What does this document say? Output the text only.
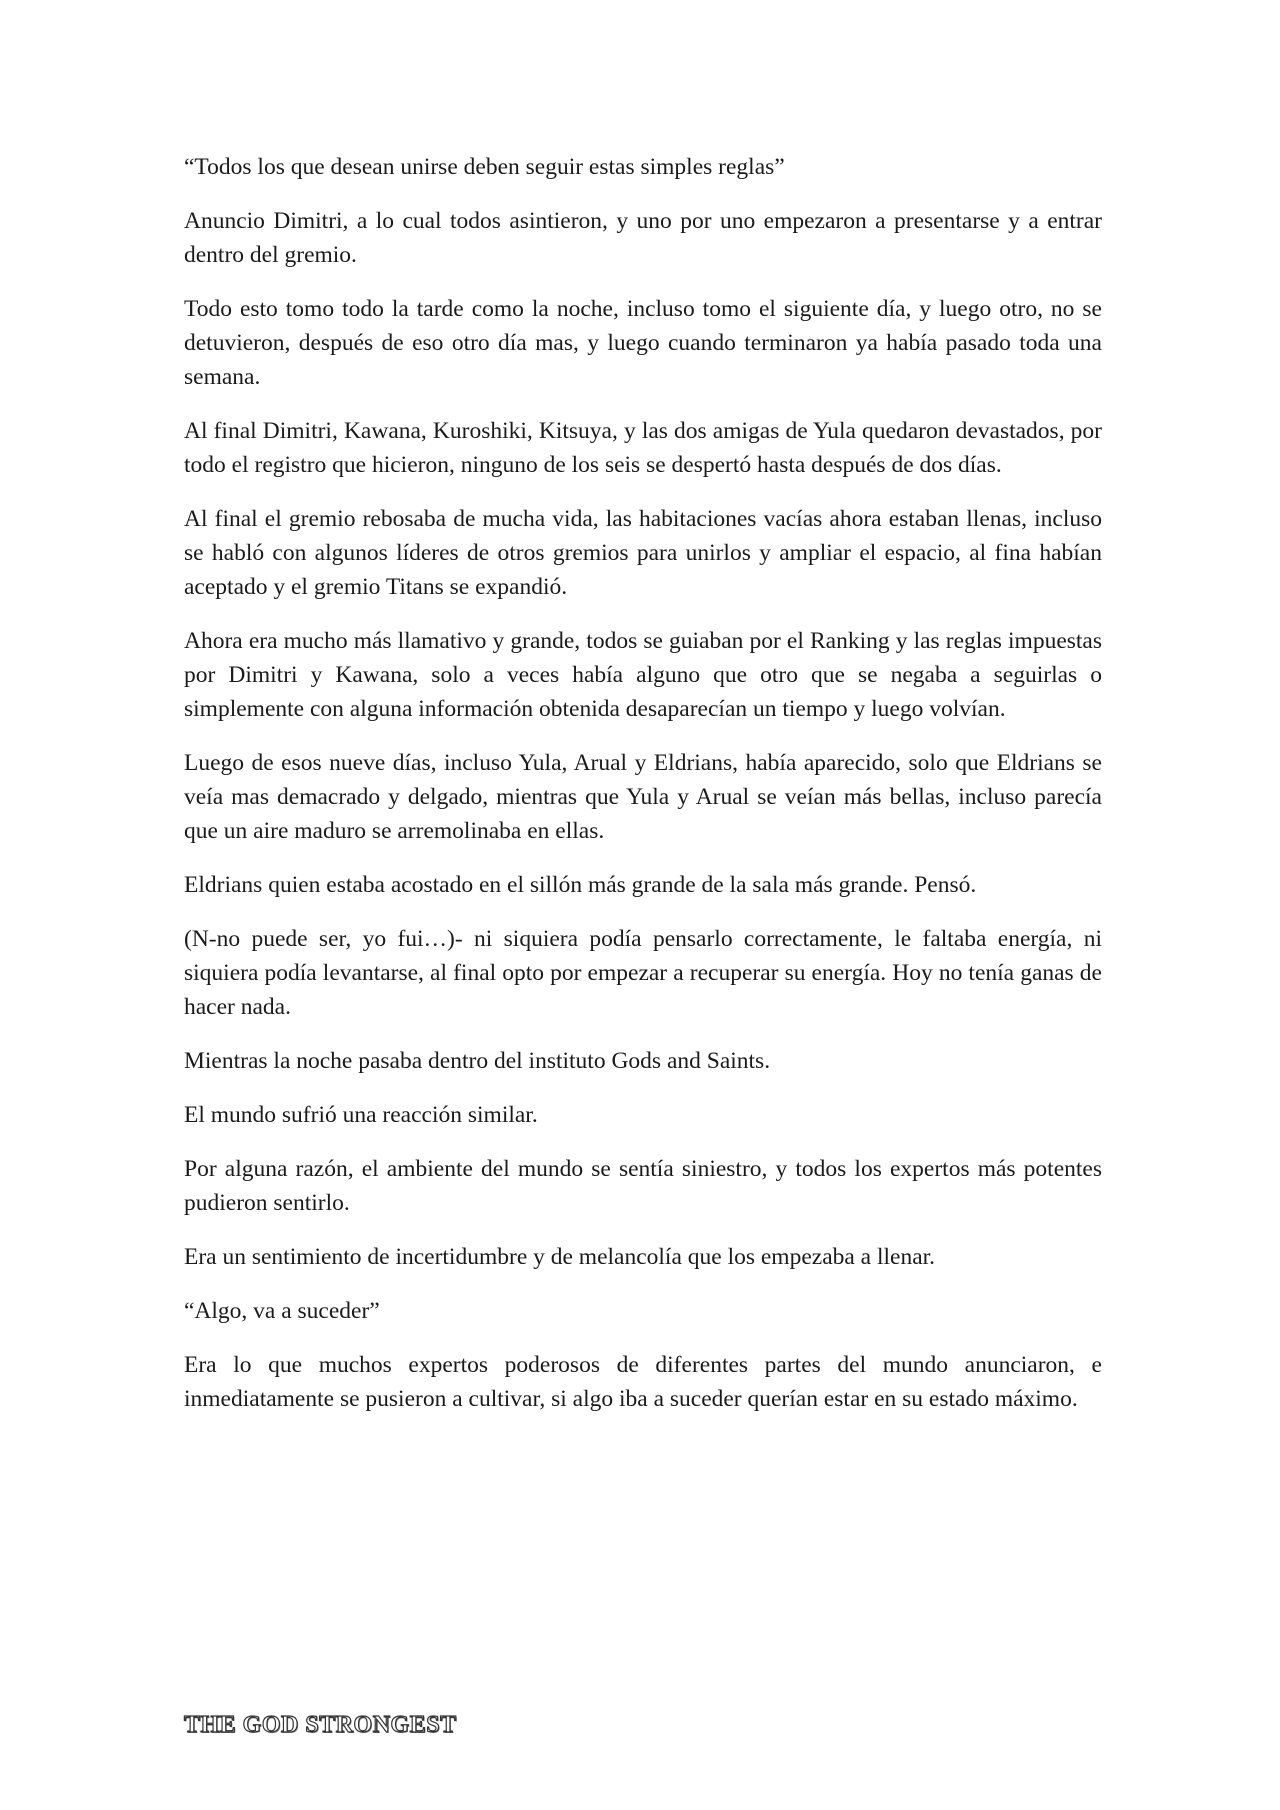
“Todos los que desean unirse deben seguir estas simples reglas”

Anuncio Dimitri, a lo cual todos asintieron, y uno por uno empezaron a presentarse y a entrar dentro del gremio.

Todo esto tomo todo la tarde como la noche, incluso tomo el siguiente día, y luego otro, no se detuvieron, después de eso otro día mas, y luego cuando terminaron ya había pasado toda una semana.

Al final Dimitri, Kawana, Kuroshiki, Kitsuya, y las dos amigas de Yula quedaron devastados, por todo el registro que hicieron, ninguno de los seis se despertó hasta después de dos días.

Al final el gremio rebosaba de mucha vida, las habitaciones vacías ahora estaban llenas, incluso se habló con algunos líderes de otros gremios para unirlos y ampliar el espacio, al fina habían aceptado y el gremio Titans se expandió.

Ahora era mucho más llamativo y grande, todos se guiaban por el Ranking y las reglas impuestas por Dimitri y Kawana, solo a veces había alguno que otro que se negaba a seguirlas o simplemente con alguna información obtenida desaparecían un tiempo y luego volvían.

Luego de esos nueve días, incluso Yula, Arual y Eldrians, había aparecido, solo que Eldrians se veía mas demacrado y delgado, mientras que Yula y Arual se veían más bellas, incluso parecía que un aire maduro se arremolinaba en ellas.

Eldrians quien estaba acostado en el sillón más grande de la sala más grande. Pensó.

(N-no puede ser, yo fui…)- ni siquiera podía pensarlo correctamente, le faltaba energía, ni siquiera podía levantarse, al final opto por empezar a recuperar su energía. Hoy no tenía ganas de hacer nada.

Mientras la noche pasaba dentro del instituto Gods and Saints.

El mundo sufrió una reacción similar.

Por alguna razón, el ambiente del mundo se sentía siniestro, y todos los expertos más potentes pudieron sentirlo.

Era un sentimiento de incertidumbre y de melancolía que los empezaba a llenar.

“Algo, va a suceder”

Era lo que muchos expertos poderosos de diferentes partes del mundo anunciaron, e inmediatamente se pusieron a cultivar, si algo iba a suceder querían estar en su estado máximo.

THE GOD STRONGEST
